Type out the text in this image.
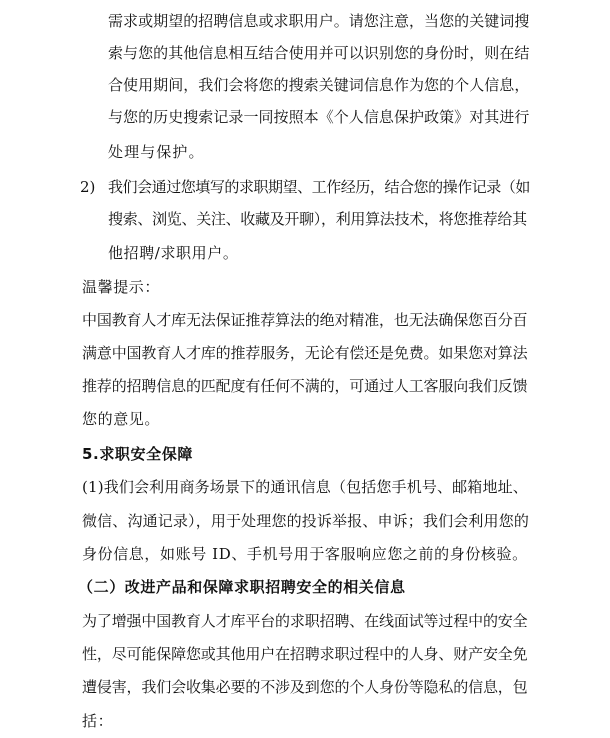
需求或期望的招聘信息或求职用户。请您注意，当您的关键词搜
索与您的其他信息相互结合使用并可以识别您的身份时，则在结
合使用期间，我们会将您的搜索关键词信息作为您的个人信息，
与您的历史搜索记录一同按照本《个人信息保护政策》对其进行
处理与保护。
2) 我们会通过您填写的求职期望、工作经历，结合您的操作记录（如
搜索、浏览、关注、收藏及开聊），利用算法技术，将您推荐给其
他招聘/求职用户。
温馨提示：
中国教育人才库无法保证推荐算法的绝对精准，也无法确保您百分百
满意中国教育人才库的推荐服务，无论有偿还是免费。如果您对算法
推荐的招聘信息的匹配度有任何不满的，可通过人工客服向我们反馈
您的意见。
5.求职安全保障
(1)我们会利用商务场景下的通讯信息（包括您手机号、邮箱地址、
微信、沟通记录），用于处理您的投诉举报、申诉；我们会利用您的
身份信息，如账号 ID、手机号用于客服响应您之前的身份核验。
（二）改进产品和保障求职招聘安全的相关信息
为了增强中国教育人才库平台的求职招聘、在线面试等过程中的安全
性，尽可能保障您或其他用户在招聘求职过程中的人身、财产安全免
遭侵害，我们会收集必要的不涉及到您的个人身份等隐私的信息，包
括：
